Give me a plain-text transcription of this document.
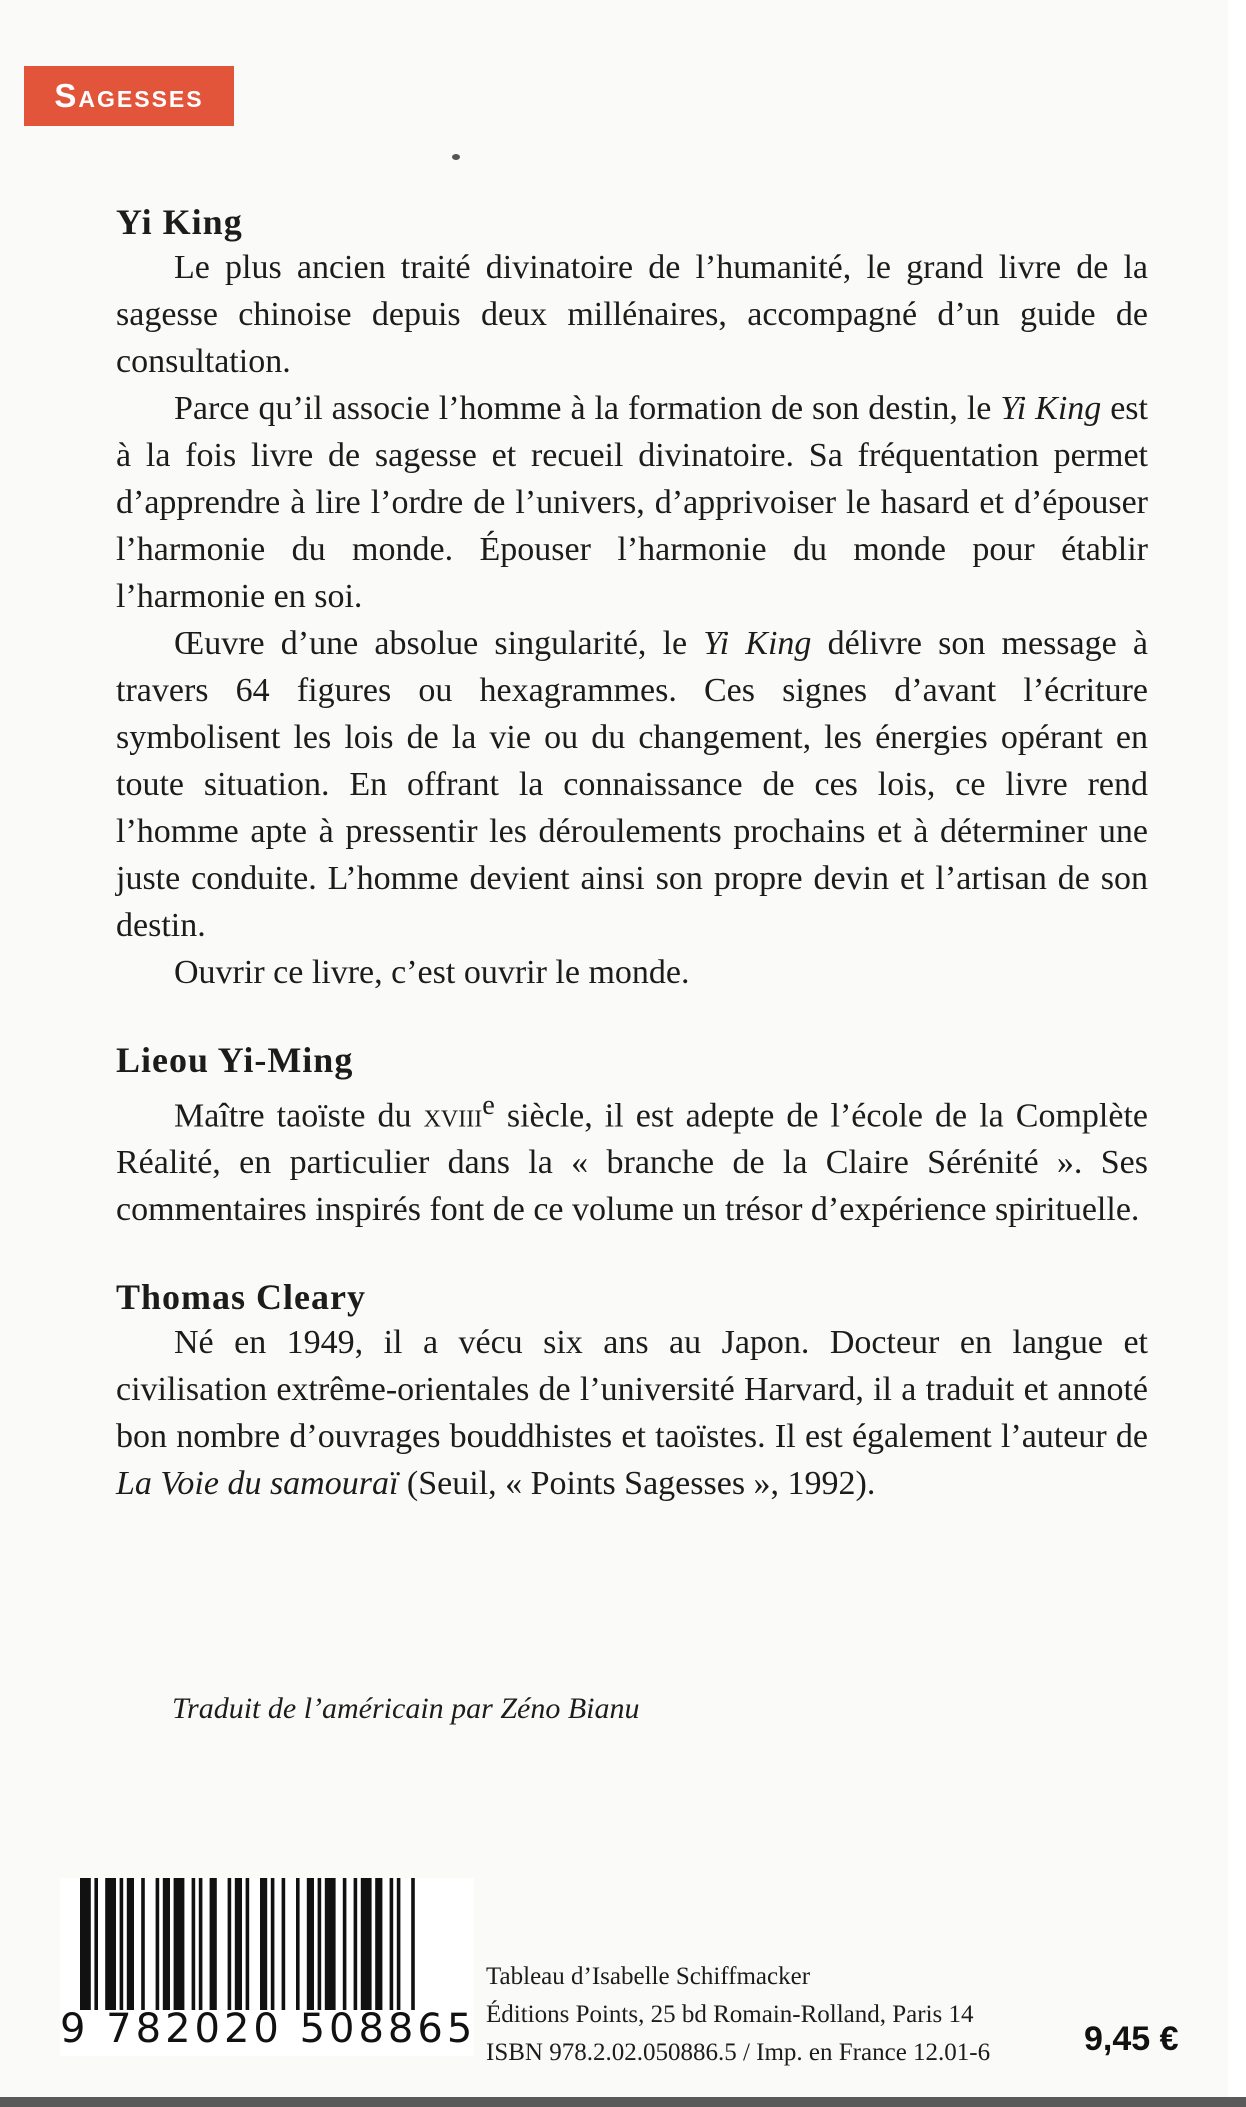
Sagesses
Yi King

Le plus ancien traité divinatoire de l’humanité, le grand livre de la sagesse chinoise depuis deux millénaires, accompagné d’un guide de consultation.

Parce qu’il associe l’homme à la formation de son destin, le Yi King est à la fois livre de sagesse et recueil divinatoire. Sa fréquentation permet d’apprendre à lire l’ordre de l’univers, d’apprivoiser le hasard et d’épouser l’harmonie du monde. Épouser l’harmonie du monde pour établir l’harmonie en soi.

Œuvre d’une absolue singularité, le Yi King délivre son message à travers 64 figures ou hexagrammes. Ces signes d’avant l’écriture symbolisent les lois de la vie ou du changement, les énergies opérant en toute situation. En offrant la connaissance de ces lois, ce livre rend l’homme apte à pressentir les déroulements prochains et à déterminer une juste conduite. L’homme devient ainsi son propre devin et l’artisan de son destin.

Ouvrir ce livre, c’est ouvrir le monde.

Lieou Yi-Ming

Maître taoïste du xviii$^e$ siècle, il est adepte de l’école de la Complète Réalité, en particulier dans la « branche de la Claire Sérénité ». Ses commentaires inspirés font de ce volume un trésor d’expérience spirituelle.

Thomas Cleary

Né en 1949, il a vécu six ans au Japon. Docteur en langue et civilisation extrême-orientales de l’université Harvard, il a traduit et annoté bon nombre d’ouvrages bouddhistes et taoïstes. Il est également l’auteur de La Voie du samouraï (Seuil, « Points Sagesses », 1992).

Traduit de l’américain par Zéno Bianu
9 782020 508865
Tableau d’Isabelle Schiffmacker
Éditions Points, 25 bd Romain-Rolland, Paris 14
ISBN 978.2.02.050886.5 / Imp. en France 12.01-6	9,45 €
